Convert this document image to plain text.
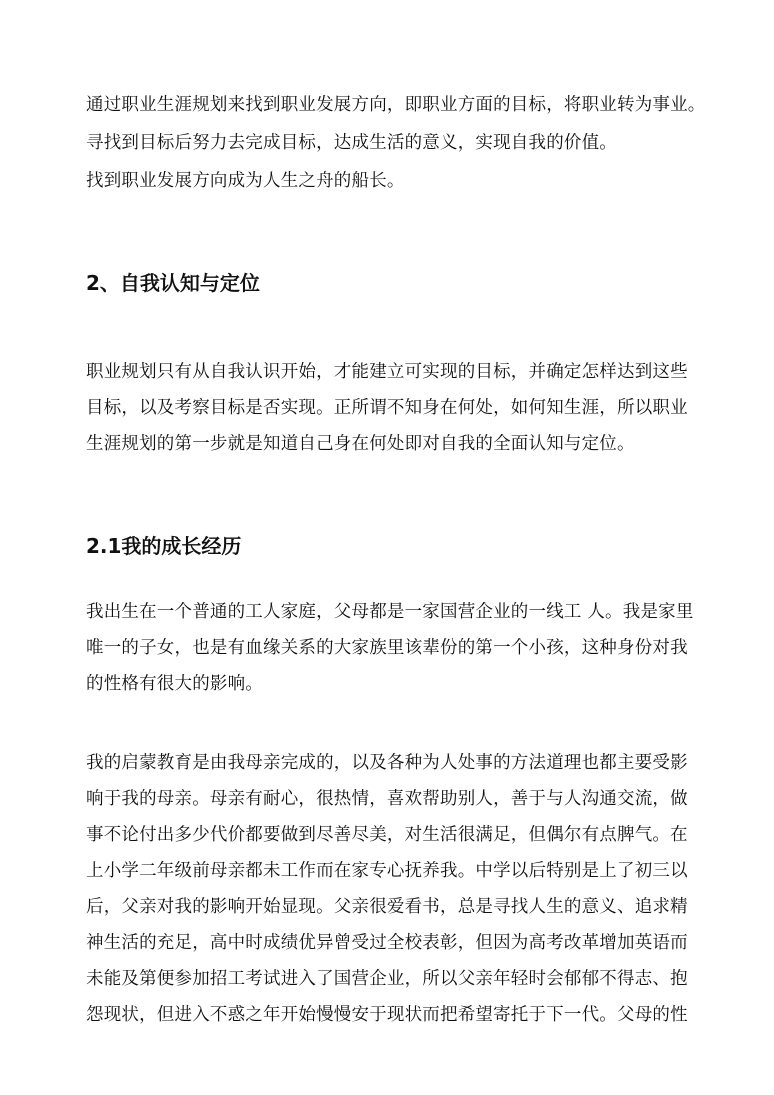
通过职业生涯规划来找到职业发展方向，即职业方面的目标，将职业转为事业。
寻找到目标后努力去完成目标，达成生活的意义，实现自我的价值。
找到职业发展方向成为人生之舟的船长。
2、自我认知与定位
职业规划只有从自我认识开始，才能建立可实现的目标，并确定怎样达到这些
目标，以及考察目标是否实现。正所谓不知身在何处，如何知生涯，所以职业
生涯规划的第一步就是知道自己身在何处即对自我的全面认知与定位。
2.1我的成长经历
我出生在一个普通的工人家庭，父母都是一家国营企业的一线工 人。我是家里
唯一的子女，也是有血缘关系的大家族里该辈份的第一个小孩，这种身份对我
的性格有很大的影响。
我的启蒙教育是由我母亲完成的，以及各种为人处事的方法道理也都主要受影
响于我的母亲。母亲有耐心，很热情，喜欢帮助别人，善于与人沟通交流，做
事不论付出多少代价都要做到尽善尽美，对生活很满足，但偶尔有点脾气。在
上小学二年级前母亲都未工作而在家专心抚养我。中学以后特别是上了初三以
后，父亲对我的影响开始显现。父亲很爱看书，总是寻找人生的意义、追求精
神生活的充足，高中时成绩优异曾受过全校表彰，但因为高考改革增加英语而
未能及第便参加招工考试进入了国营企业，所以父亲年轻时会郁郁不得志、抱
怨现状，但进入不惑之年开始慢慢安于现状而把希望寄托于下一代。父母的性
